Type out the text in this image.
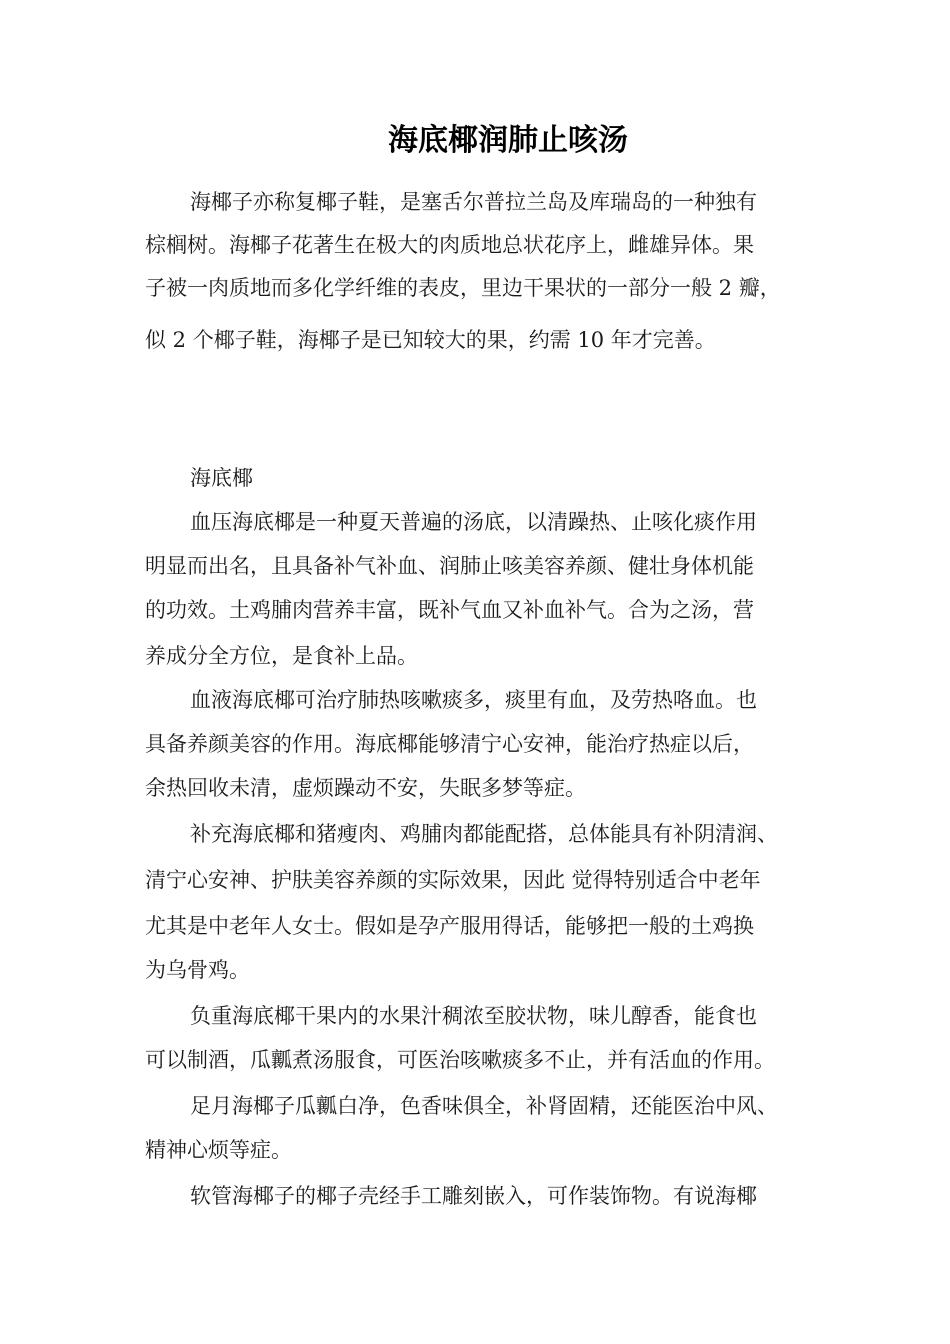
海底椰润肺止咳汤

海椰子亦称复椰子鞋，是塞舌尔普拉兰岛及库瑞岛的一种独有

棕榈树。海椰子花著生在极大的肉质地总状花序上，雌雄异体。果

子被一肉质地而多化学纤维的表皮，里边干果状的一部分一般 2 瓣，

似 2 个椰子鞋，海椰子是已知较大的果，约需 10 年才完善。

海底椰

血压海底椰是一种夏天普遍的汤底，以清躁热、止咳化痰作用

明显而出名，且具备补气补血、润肺止咳美容养颜、健壮身体机能

的功效。土鸡脯肉营养丰富，既补气血又补血补气。合为之汤，营

养成分全方位，是食补上品。

血液海底椰可治疗肺热咳嗽痰多，痰里有血，及劳热咯血。也

具备养颜美容的作用。海底椰能够清宁心安神，能治疗热症以后，

余热回收未清，虚烦躁动不安，失眠多梦等症。

补充海底椰和猪瘦肉、鸡脯肉都能配搭，总体能具有补阴清润、

清宁心安神、护肤美容养颜的实际效果，因此 觉得特别适合中老年

尤其是中老年人女士。假如是孕产服用得话，能够把一般的土鸡换

为乌骨鸡。

负重海底椰干果内的水果汁稠浓至胶状物，味儿醇香，能食也

可以制酒，瓜瓤煮汤服食，可医治咳嗽痰多不止，并有活血的作用。

足月海椰子瓜瓤白净，色香味俱全，补肾固精，还能医治中风、

精神心烦等症。

软管海椰子的椰子壳经手工雕刻嵌入，可作装饰物。有说海椰
